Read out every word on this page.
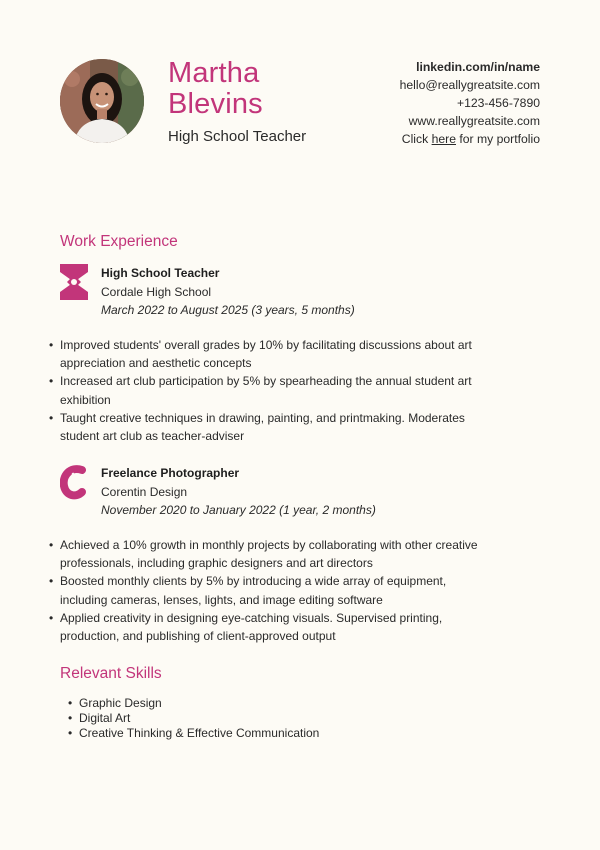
Martha
Blevins
High School Teacher
linkedin.com/in/name
hello@reallygreatsite.com
+123-456-7890
www.reallygreatsite.com
Click here for my portfolio
Work Experience
High School Teacher
Cordale High School
March 2022 to August 2025 (3 years, 5 months)
• Improved students' overall grades by 10% by facilitating discussions about art appreciation and aesthetic concepts
• Increased art club participation by 5% by spearheading the annual student art exhibition
• Taught creative techniques in drawing, painting, and printmaking. Moderates student art club as teacher-adviser
Freelance Photographer
Corentin Design
November 2020 to January 2022 (1 year, 2 months)
• Achieved a 10% growth in monthly projects by collaborating with other creative professionals, including graphic designers and art directors
• Boosted monthly clients by 5% by introducing a wide array of equipment, including cameras, lenses, lights, and image editing software
• Applied creativity in designing eye-catching visuals. Supervised printing, production, and publishing of client-approved output
Relevant Skills
• Graphic Design
• Digital Art
• Creative Thinking & Effective Communication
